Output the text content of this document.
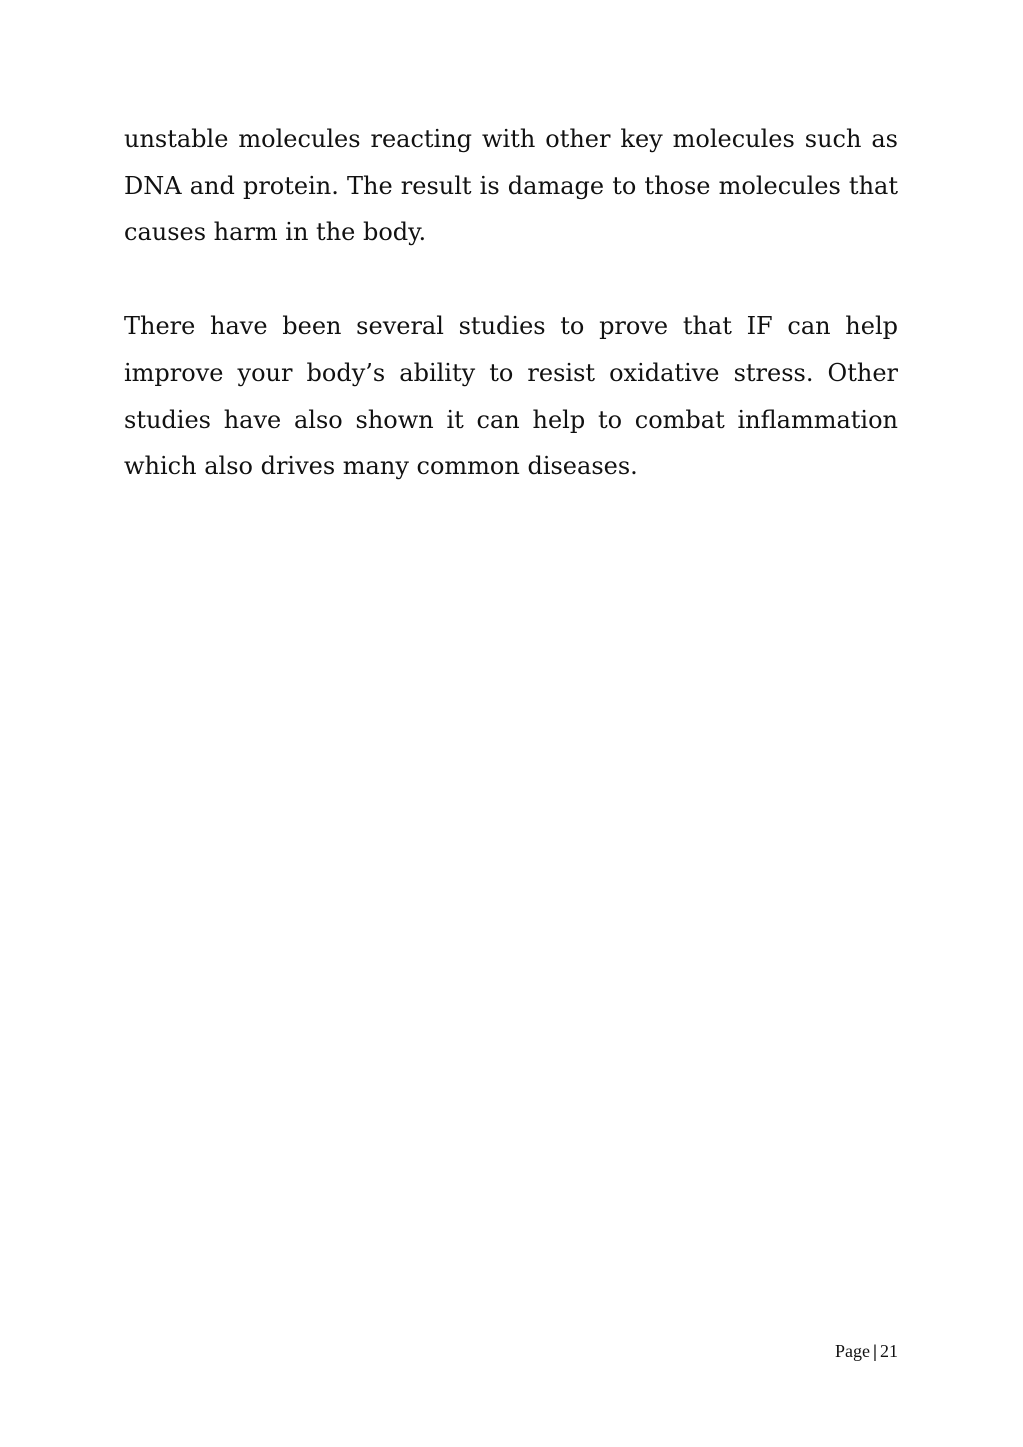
unstable molecules reacting with other key molecules such as DNA and protein. The result is damage to those molecules that causes harm in the body.

There have been several studies to prove that IF can help improve your body’s ability to resist oxidative stress. Other studies have also shown it can help to combat inflammation which also drives many common diseases.

Page | 21
